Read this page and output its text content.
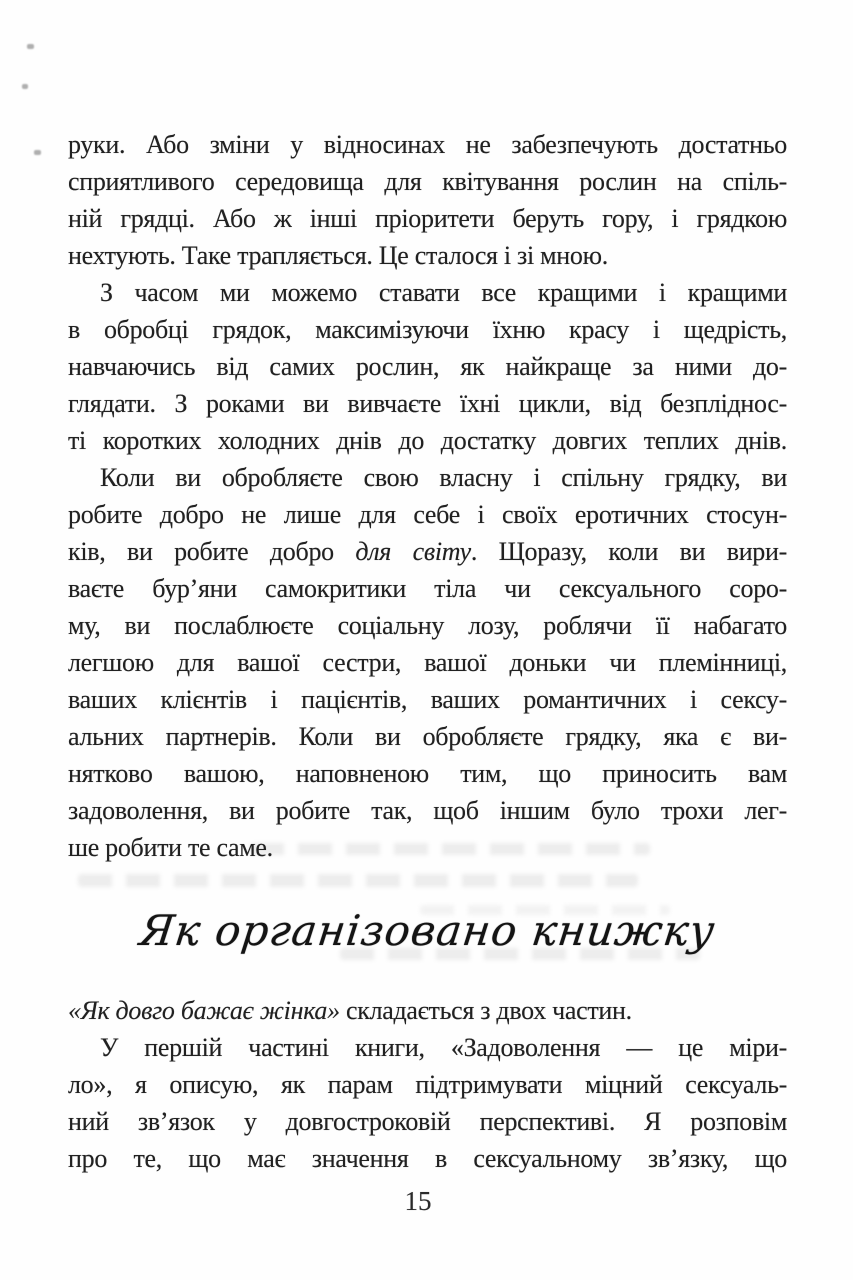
руки. Або зміни у відносинах не забезпечують достатньо
сприятливого середовища для квітування рослин на спіль-
ній грядці. Або ж інші пріоритети беруть гору, і грядкою
нехтують. Таке трапляється. Це сталося і зі мною.
З часом ми можемо ставати все кращими і кращими
в обробці грядок, максимізуючи їхню красу і щедрість,
навчаючись від самих рослин, як найкраще за ними до-
глядати. З роками ви вивчаєте їхні цикли, від безпліднос-
ті коротких холодних днів до достатку довгих теплих днів.
Коли ви обробляєте свою власну і спільну грядку, ви
робите добро не лише для себе і своїх еротичних стосун-
ків, ви робите добро для світу. Щоразу, коли ви вири-
ваєте бур’яни самокритики тіла чи сексуального соро-
му, ви послаблюєте соціальну лозу, роблячи її набагато
легшою для вашої сестри, вашої доньки чи племінниці,
ваших клієнтів і пацієнтів, ваших романтичних і сексу-
альних партнерів. Коли ви обробляєте грядку, яка є ви-
нятково вашою, наповненою тим, що приносить вам
задоволення, ви робите так, щоб іншим було трохи лег-
ше робити те саме.
Як організовано книжку
«Як довго бажає жінка» складається з двох частин.
У першій частині книги, «Задоволення — це міри-
ло», я описую, як парам підтримувати міцний сексуаль-
ний зв’язок у довгостроковій перспективі. Я розповім
про те, що має значення в сексуальному зв’язку, що
15
